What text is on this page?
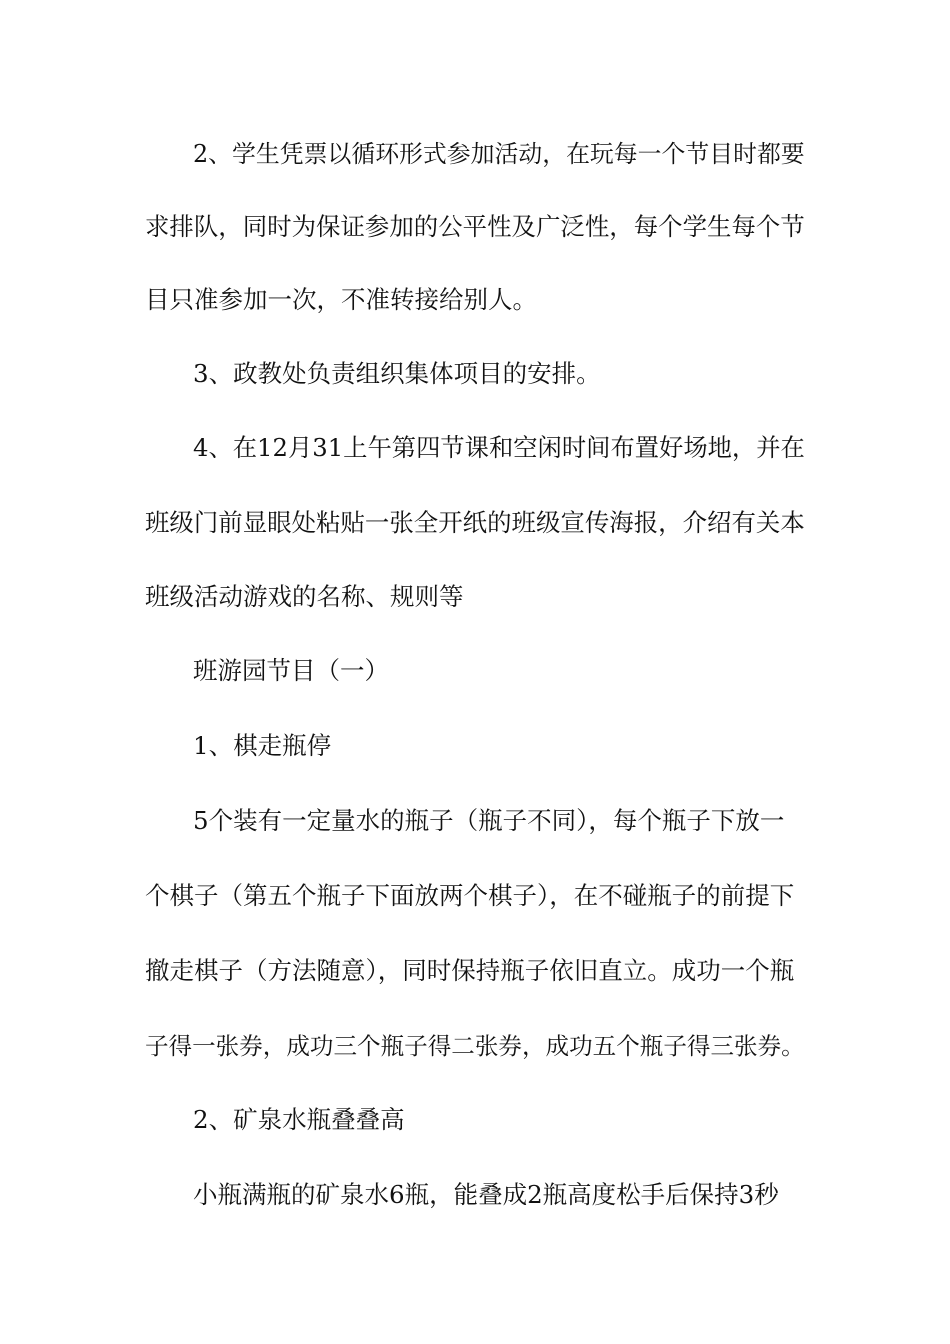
2、学生凭票以循环形式参加活动，在玩每一个节目时都要
求排队，同时为保证参加的公平性及广泛性，每个学生每个节
目只准参加一次，不准转接给别人。
3、政教处负责组织集体项目的安排。
4、在12月31上午第四节课和空闲时间布置好场地，并在
班级门前显眼处粘贴一张全开纸的班级宣传海报，介绍有关本
班级活动游戏的名称、规则等
班游园节目（一）
1、棋走瓶停
5个装有一定量水的瓶子（瓶子不同），每个瓶子下放一
个棋子（第五个瓶子下面放两个棋子），在不碰瓶子的前提下
撤走棋子（方法随意），同时保持瓶子依旧直立。成功一个瓶
子得一张券，成功三个瓶子得二张券，成功五个瓶子得三张券。
2、矿泉水瓶叠叠高
小瓶满瓶的矿泉水6瓶，能叠成2瓶高度松手后保持3秒
